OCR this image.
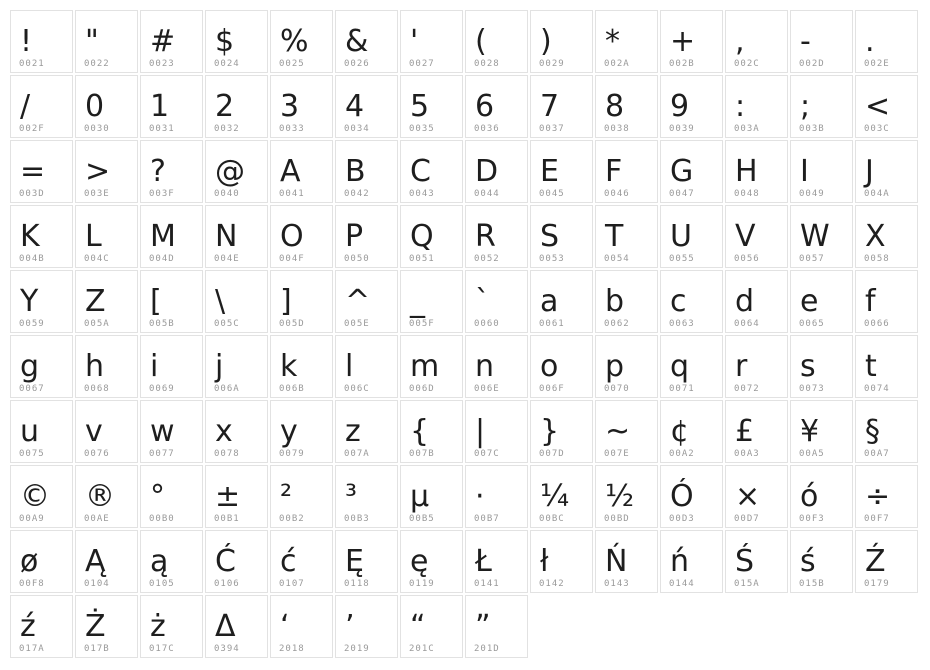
!
0021
"
0022
#
0023
$
0024
%
0025
&
0026
'
0027
(
0028
)
0029
*
002A
+
002B
,
002C
-
002D
.
002E
/
002F
0
0030
1
0031
2
0032
3
0033
4
0034
5
0035
6
0036
7
0037
8
0038
9
0039
:
003A
;
003B
<
003C
=
003D
>
003E
?
003F
@
0040
A
0041
B
0042
C
0043
D
0044
E
0045
F
0046
G
0047
H
0048
I
0049
J
004A
K
004B
L
004C
M
004D
N
004E
O
004F
P
0050
Q
0051
R
0052
S
0053
T
0054
U
0055
V
0056
W
0057
X
0058
Y
0059
Z
005A
[
005B
\
005C
]
005D
^
005E
_
005F
`
0060
a
0061
b
0062
c
0063
d
0064
e
0065
f
0066
g
0067
h
0068
i
0069
j
006A
k
006B
l
006C
m
006D
n
006E
o
006F
p
0070
q
0071
r
0072
s
0073
t
0074
u
0075
v
0076
w
0077
x
0078
y
0079
z
007A
{
007B
|
007C
}
007D
~
007E
¢
00A2
£
00A3
¥
00A5
§
00A7
©
00A9
®
00AE
°
00B0
±
00B1
²
00B2
³
00B3
µ
00B5
·
00B7
¼
00BC
½
00BD
Ó
00D3
×
00D7
ó
00F3
÷
00F7
ø
00F8
Ą
0104
ą
0105
Ć
0106
ć
0107
Ę
0118
ę
0119
Ł
0141
ł
0142
Ń
0143
ń
0144
Ś
015A
ś
015B
Ź
0179
ź
017A
Ż
017B
ż
017C
Δ
0394
‘
2018
’
2019
“
201C
”
201D
